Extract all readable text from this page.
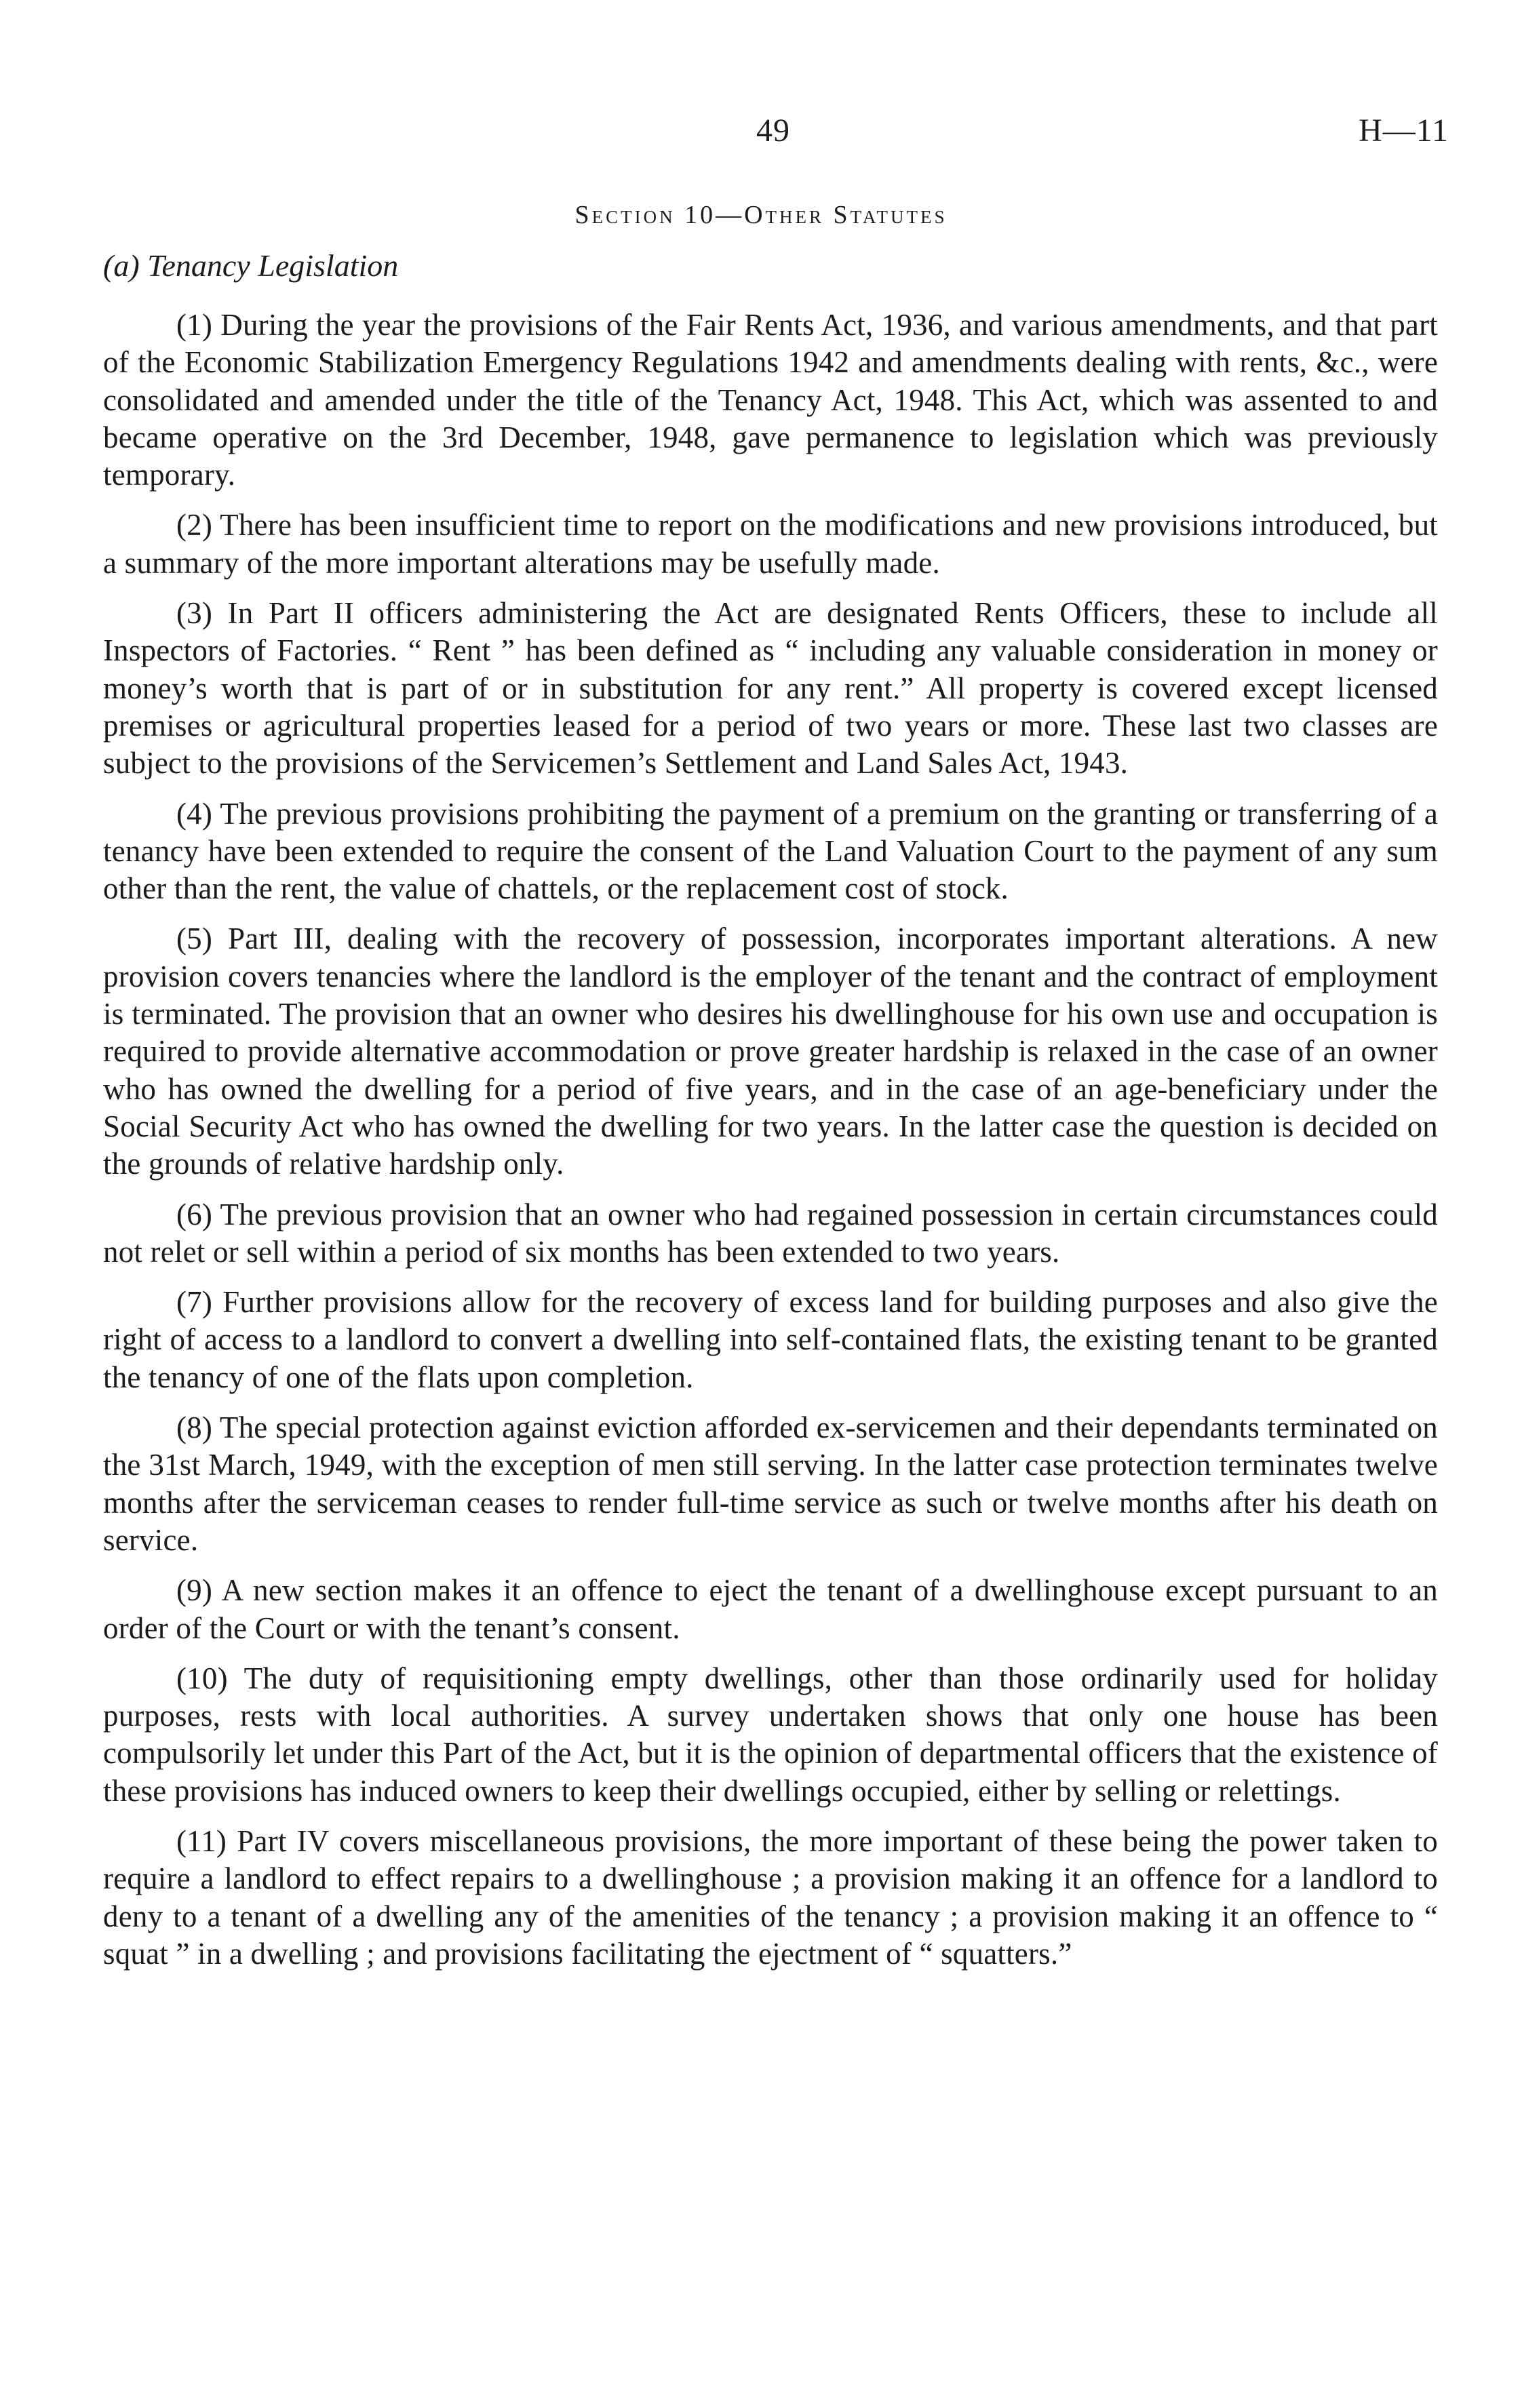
49	H—11
Section 10—Other Statutes
(a) Tenancy Legislation

(1) During the year the provisions of the Fair Rents Act, 1936, and various amendments, and that part of the Economic Stabilization Emergency Regulations 1942 and amendments dealing with rents, &c., were consolidated and amended under the title of the Tenancy Act, 1948. This Act, which was assented to and became operative on the 3rd December, 1948, gave permanence to legislation which was previously temporary.

(2) There has been insufficient time to report on the modifications and new provisions introduced, but a summary of the more important alterations may be usefully made.

(3) In Part II officers administering the Act are designated Rents Officers, these to include all Inspectors of Factories. “ Rent ” has been defined as “ including any valuable consideration in money or money’s worth that is part of or in substitution for any rent.” All property is covered except licensed premises or agricultural properties leased for a period of two years or more. These last two classes are subject to the provisions of the Servicemen’s Settlement and Land Sales Act, 1943.

(4) The previous provisions prohibiting the payment of a premium on the granting or transferring of a tenancy have been extended to require the consent of the Land Valuation Court to the payment of any sum other than the rent, the value of chattels, or the replacement cost of stock.

(5) Part III, dealing with the recovery of possession, incorporates important alterations. A new provision covers tenancies where the landlord is the employer of the tenant and the contract of employment is terminated. The provision that an owner who desires his dwellinghouse for his own use and occupation is required to provide alternative accommodation or prove greater hardship is relaxed in the case of an owner who has owned the dwelling for a period of five years, and in the case of an age-beneficiary under the Social Security Act who has owned the dwelling for two years. In the latter case the question is decided on the grounds of relative hardship only.

(6) The previous provision that an owner who had regained possession in certain circumstances could not relet or sell within a period of six months has been extended to two years.

(7) Further provisions allow for the recovery of excess land for building purposes and also give the right of access to a landlord to convert a dwelling into self-contained flats, the existing tenant to be granted the tenancy of one of the flats upon completion.

(8) The special protection against eviction afforded ex-servicemen and their dependants terminated on the 31st March, 1949, with the exception of men still serving. In the latter case protection terminates twelve months after the serviceman ceases to render full-time service as such or twelve months after his death on service.

(9) A new section makes it an offence to eject the tenant of a dwellinghouse except pursuant to an order of the Court or with the tenant’s consent.

(10) The duty of requisitioning empty dwellings, other than those ordinarily used for holiday purposes, rests with local authorities. A survey undertaken shows that only one house has been compulsorily let under this Part of the Act, but it is the opinion of departmental officers that the existence of these provisions has induced owners to keep their dwellings occupied, either by selling or relettings.

(11) Part IV covers miscellaneous provisions, the more important of these being the power taken to require a landlord to effect repairs to a dwellinghouse ; a provision making it an offence for a landlord to deny to a tenant of a dwelling any of the amenities of the tenancy ; a provision making it an offence to “ squat ” in a dwelling ; and provisions facilitating the ejectment of “ squatters.”
